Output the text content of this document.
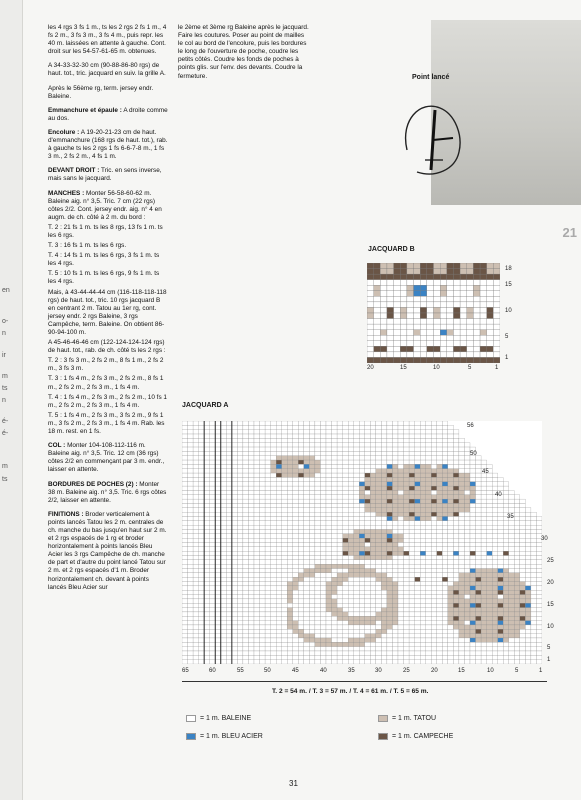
en
o-
n
ir
m
ts
n
é-
é-
m
ts
21

les 4 rgs 3 fs 1 m., ts les 2 rgs 2 fs 1 m., 4 fs 2 m., 3 fs 3 m., 3 fs 4 m., puis repr. les 40 m. laissées en attente à gauche. Cont. droit sur les 54-57-61-65 m. obtenues.

A 34-33-32-30 cm (90-88-86-80 rgs) de haut. tot., tric. jacquard en suiv. la grille A.

Après le 56ème rg, term. jersey endr. Baleine.

Emmanchure et épaule : A droite comme au dos.

Encolure : A 19-20-21-23 cm de haut. d'emmanchure (168 rgs de haut. tot.), rab. à gauche ts les 2 rgs 1 fs 6-6-7-8 m., 1 fs 3 m., 2 fs 2 m., 4 fs 1 m.

DEVANT DROIT : Tric. en sens inverse, mais sans le jacquard.

MANCHES : Monter 56-58-60-62 m. Baleine aig. n° 3,5. Tric. 7 cm (22 rgs) côtes 2/2. Cont. jersey endr. aig. n° 4 en augm. de ch. côté à 2 m. du bord :

T. 2 : 21 fs 1 m. ts les 8 rgs, 13 fs 1 m. ts les 6 rgs.

T. 3 : 16 fs 1 m. ts les 6 rgs.

T. 4 : 14 fs 1 m. ts les 6 rgs, 3 fs 1 m. ts les 4 rgs.

T. 5 : 10 fs 1 m. ts les 6 rgs, 9 fs 1 m. ts les 4 rgs.

Mais, à 43-44-44-44 cm (116-118-118-118 rgs) de haut. tot., tric. 10 rgs jacquard B en centrant 2 m. Tatou au 1er rg, cont. jersey endr. 2 rgs Baleine, 3 rgs Campêche, term. Baleine. On obtient 86-90-94-100 m.

A 45-46-46-46 cm (122-124-124-124 rgs) de haut. tot., rab. de ch. côté ts les 2 rgs :

T. 2 : 3 fs 3 m., 2 fs 2 m., 8 fs 1 m., 2 fs 2 m., 3 fs 3 m.

T. 3 : 1 fs 4 m., 2 fs 3 m., 2 fs 2 m., 8 fs 1 m., 2 fs 2 m., 2 fs 3 m., 1 fs 4 m.

T. 4 : 1 fs 4 m., 2 fs 3 m., 2 fs 2 m., 10 fs 1 m., 2 fs 2 m., 2 fs 3 m., 1 fs 4 m.

T. 5 : 1 fs 4 m., 2 fs 3 m., 3 fs 2 m., 9 fs 1 m., 3 fs 2 m., 2 fs 3 m., 1 fs 4 m. Rab. les 18 m. rest. en 1 fs.

COL : Monter 104-108-112-116 m. Baleine aig. n° 3,5. Tric. 12 cm (36 rgs) côtes 2/2 en commençant par 3 m. endr., laisser en attente.

BORDURES DE POCHES (2) : Monter 38 m. Baleine aig. n° 3,5. Tric. 6 rgs côtes 2/2, laisser en attente.

FINITIONS : Broder verticalement à points lancés Tatou les 2 m. centrales de ch. manche du bas jusqu'en haut sur 2 m. et 2 rgs espacés de 1 rg et broder horizontalement à points lancés Bleu Acier les 3 rgs Campêche de ch. manche de part et d'autre du point lancé Tatou sur 2 m. et 2 rgs espacés d'1 m. Broder horizontalement ch. devant à points lancés Bleu Acier sur

le 2ème et 3ème rg Baleine après le jacquard. Faire les coutures. Poser au point de mailles le col au bord de l'encolure, puis les bordures le long de l'ouverture de poche, coudre les petits côtés. Coudre les fonds de poches à points glis. sur l'env. des devants. Coudre la fermeture.	Point lancé
JACQUARD B
18
15
10
5
1
20	15	10	5	1
JACQUARD A
56
50
45
40
35
30
25
20
15
10
5
1
65	60	55	50	45	40	35	30	25	20	15	10	5	1
T. 2 = 54 m. / T. 3 = 57 m. / T. 4 = 61 m. / T. 5 = 65 m.
= 1 m. BALEINE	= 1 m. TATOU
= 1 m. BLEU ACIER	= 1 m. CAMPECHE
31
